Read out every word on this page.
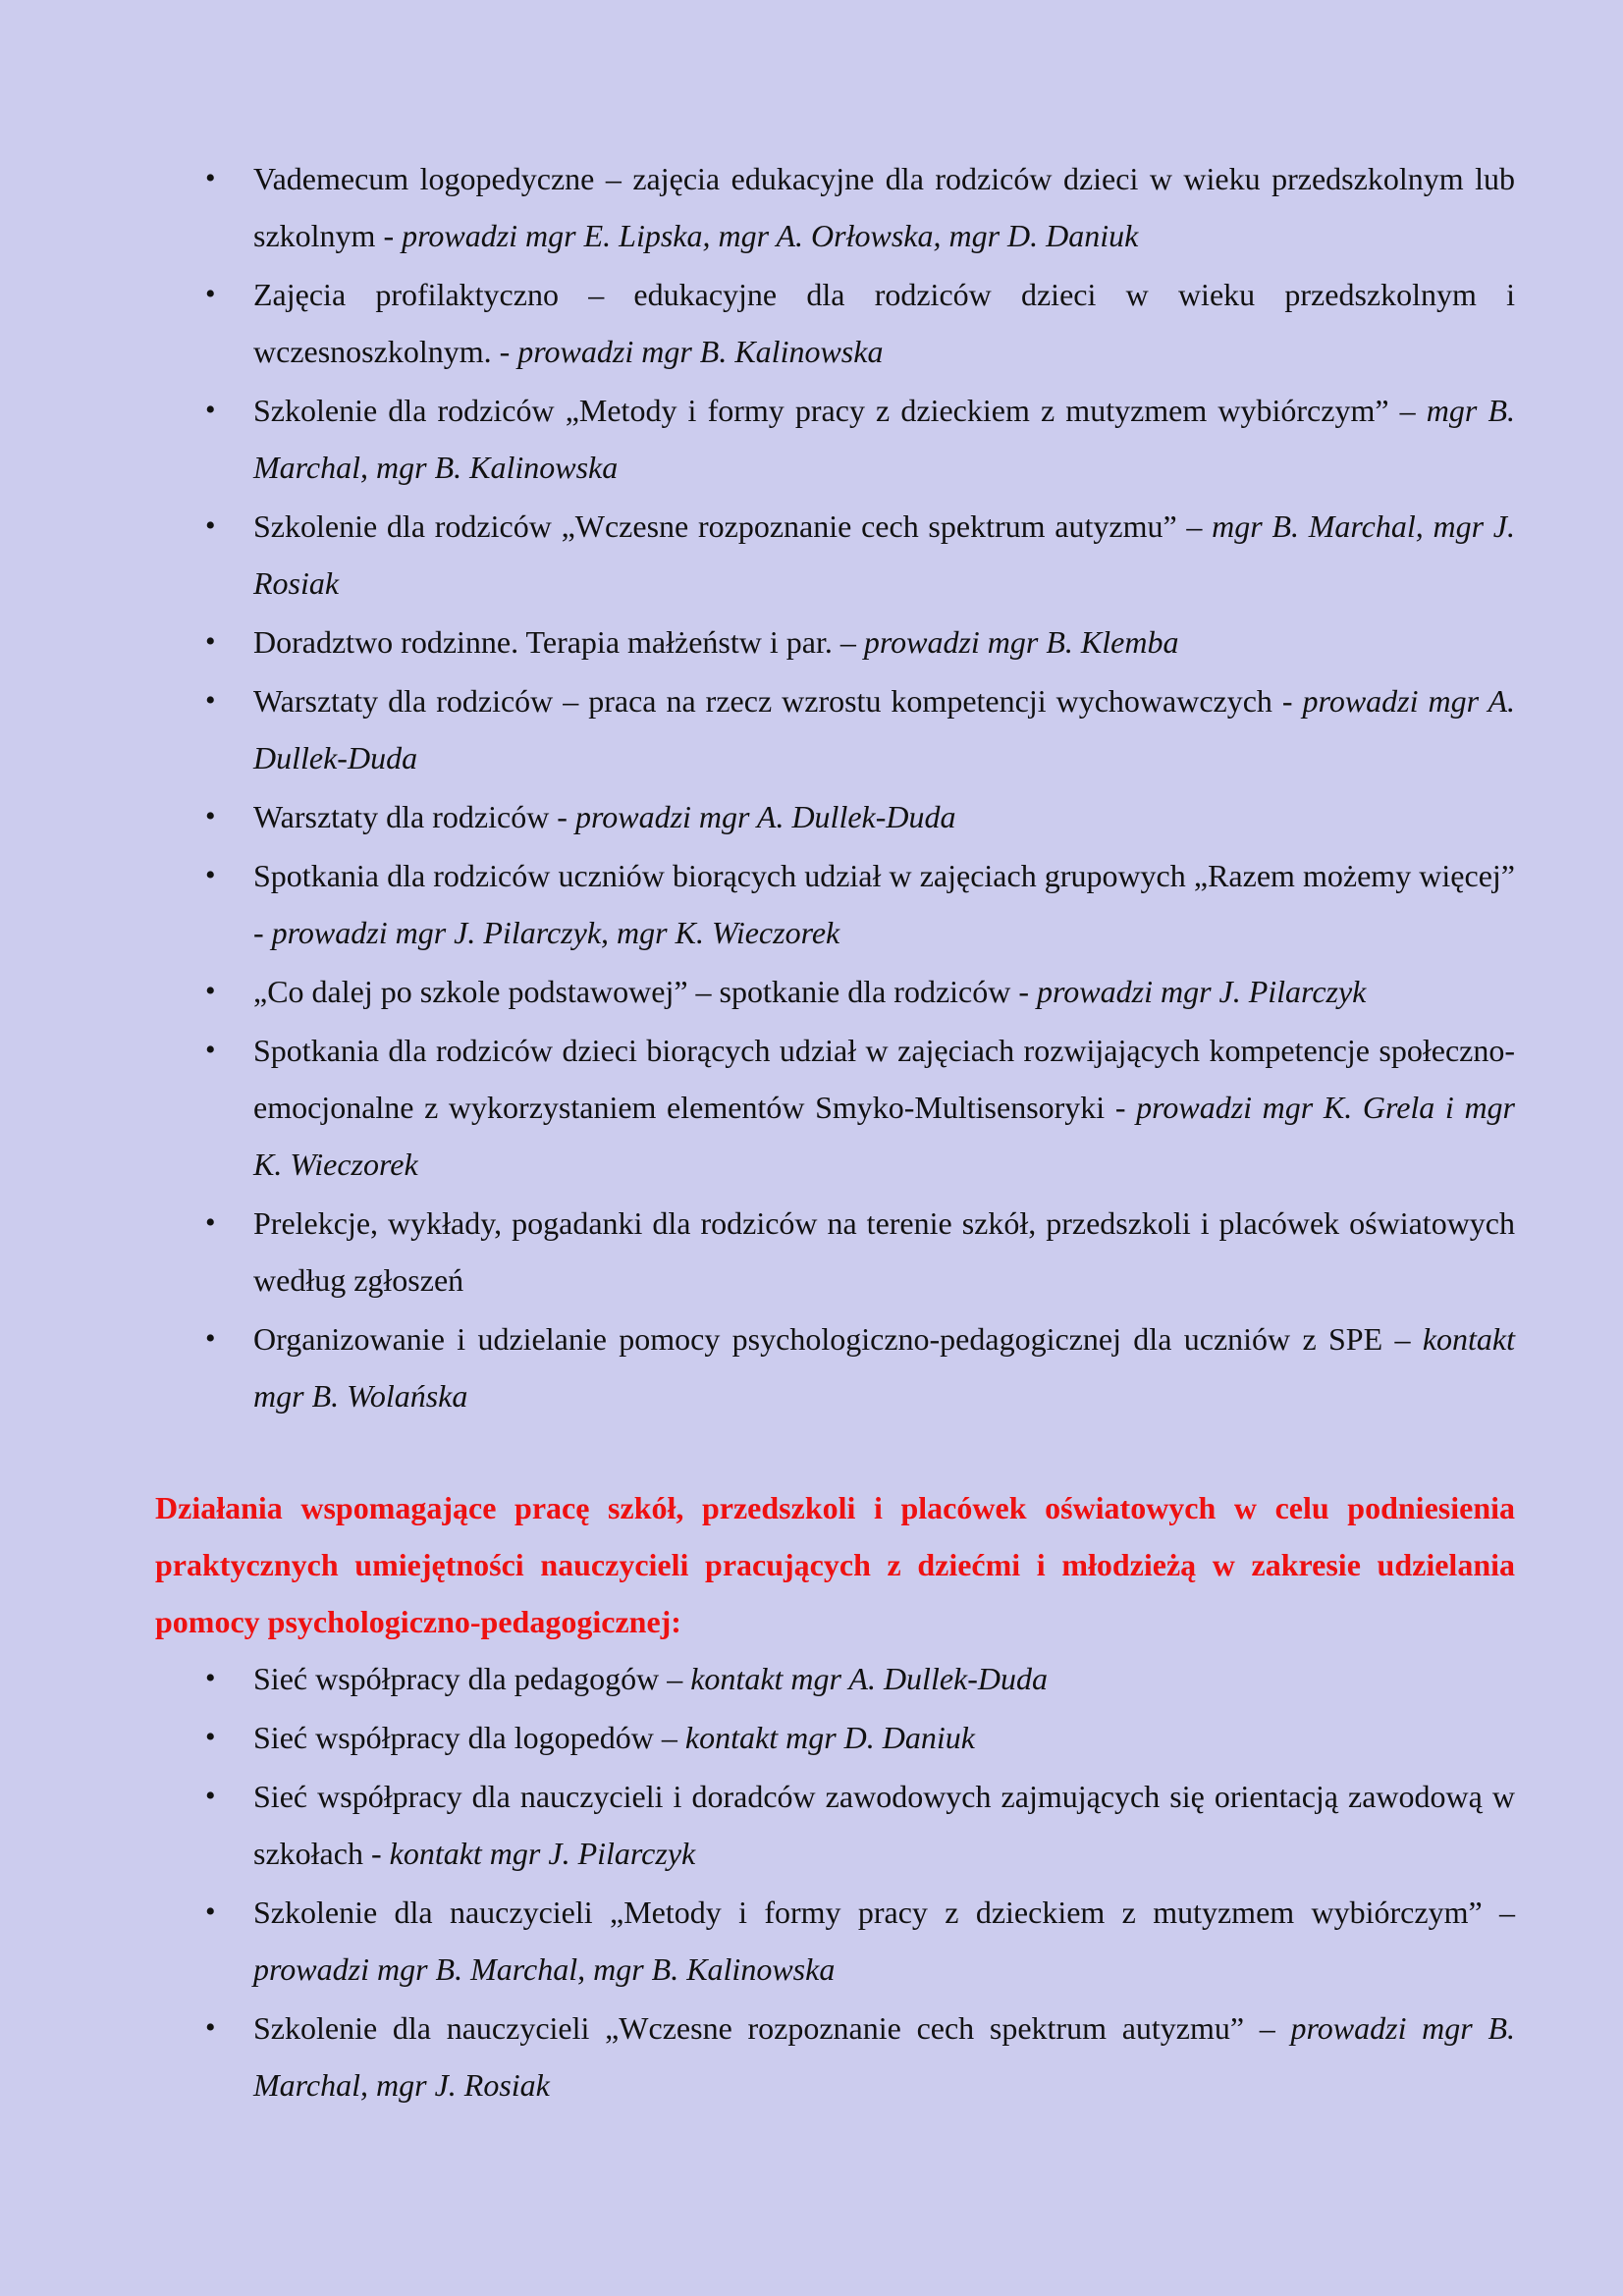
• Vademecum logopedyczne – zajęcia edukacyjne dla rodziców dzieci w wieku przedszkolnym lub szkolnym - prowadzi mgr E. Lipska, mgr A. Orłowska, mgr D. Daniuk
• Zajęcia profilaktyczno – edukacyjne dla rodziców dzieci w wieku przedszkolnym i wczesnoszkolnym. - prowadzi mgr B. Kalinowska
• Szkolenie dla rodziców „Metody i formy pracy z dzieckiem z mutyzmem wybiórczym” – mgr B. Marchal, mgr B. Kalinowska
• Szkolenie dla rodziców „Wczesne rozpoznanie cech spektrum autyzmu” – mgr B. Marchal, mgr J. Rosiak
• Doradztwo rodzinne. Terapia małżeństw i par. – prowadzi mgr B. Klemba
• Warsztaty dla rodziców – praca na rzecz wzrostu kompetencji wychowawczych - prowadzi mgr A. Dullek-Duda
• Warsztaty dla rodziców - prowadzi mgr A. Dullek-Duda
• Spotkania dla rodziców uczniów biorących udział w zajęciach grupowych „Razem możemy więcej” - prowadzi mgr J. Pilarczyk, mgr K. Wieczorek
• „Co dalej po szkole podstawowej” – spotkanie dla rodziców - prowadzi mgr J. Pilarczyk
• Spotkania dla rodziców dzieci biorących udział w zajęciach rozwijających kompetencje społeczno-emocjonalne z wykorzystaniem elementów Smyko-Multisensoryki - prowadzi mgr K. Grela i mgr K. Wieczorek
• Prelekcje, wykłady, pogadanki dla rodziców na terenie szkół, przedszkoli i placówek oświatowych według zgłoszeń
• Organizowanie i udzielanie pomocy psychologiczno-pedagogicznej dla uczniów z SPE – kontakt mgr B. Wolańska

Działania wspomagające pracę szkół, przedszkoli i placówek oświatowych w celu podniesienia praktycznych umiejętności nauczycieli pracujących z dziećmi i młodzieżą w zakresie udzielania pomocy psychologiczno-pedagogicznej:

• Sieć współpracy dla pedagogów – kontakt mgr A. Dullek-Duda
• Sieć współpracy dla logopedów – kontakt mgr D. Daniuk
• Sieć współpracy dla nauczycieli i doradców zawodowych zajmujących się orientacją zawodową w szkołach - kontakt mgr J. Pilarczyk
• Szkolenie dla nauczycieli „Metody i formy pracy z dzieckiem z mutyzmem wybiórczym” – prowadzi mgr B. Marchal, mgr B. Kalinowska
• Szkolenie dla nauczycieli „Wczesne rozpoznanie cech spektrum autyzmu” – prowadzi mgr B. Marchal, mgr J. Rosiak
